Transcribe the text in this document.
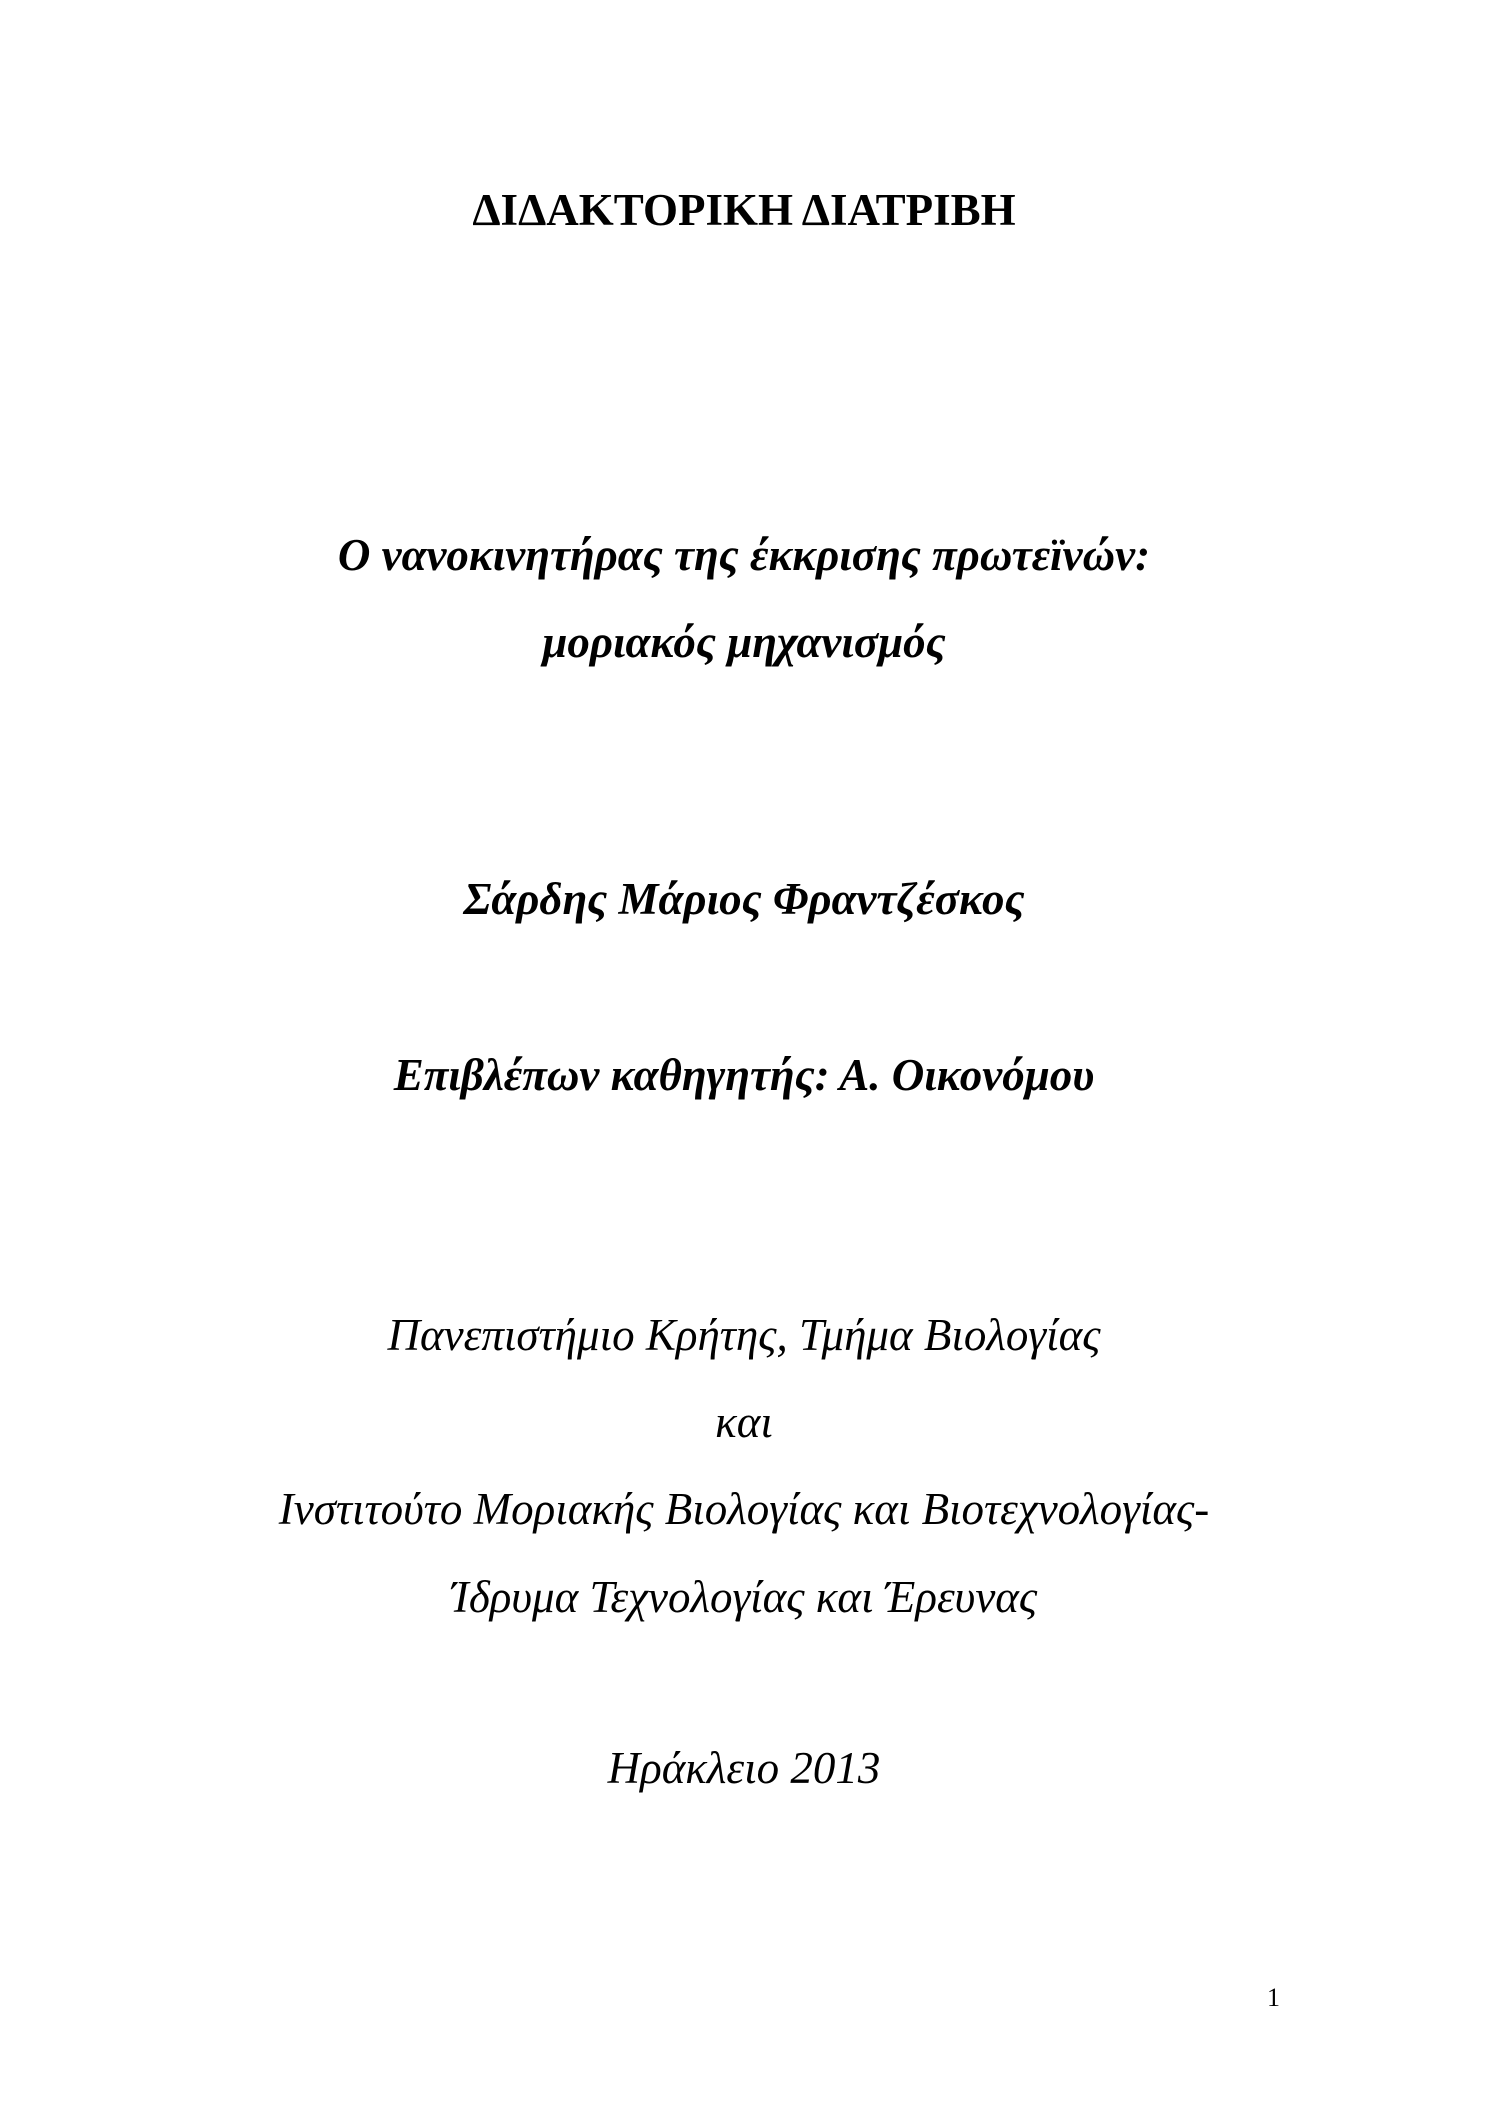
ΔΙΔΑΚΤΟΡΙΚΗ ΔΙΑΤΡΙΒΗ
Ο νανοκινητήρας της έκκρισης πρωτεϊνών:
μοριακός μηχανισμός
Σάρδης Μάριος Φραντζέσκος
Επιβλέπων καθηγητής: Α. Οικονόμου
Πανεπιστήμιο Κρήτης, Τμήμα Βιολογίας
και
Ινστιτούτο Μοριακής Βιολογίας και Βιοτεχνολογίας-
Ίδρυμα Τεχνολογίας και Έρευνας
Ηράκλειο 2013
1
